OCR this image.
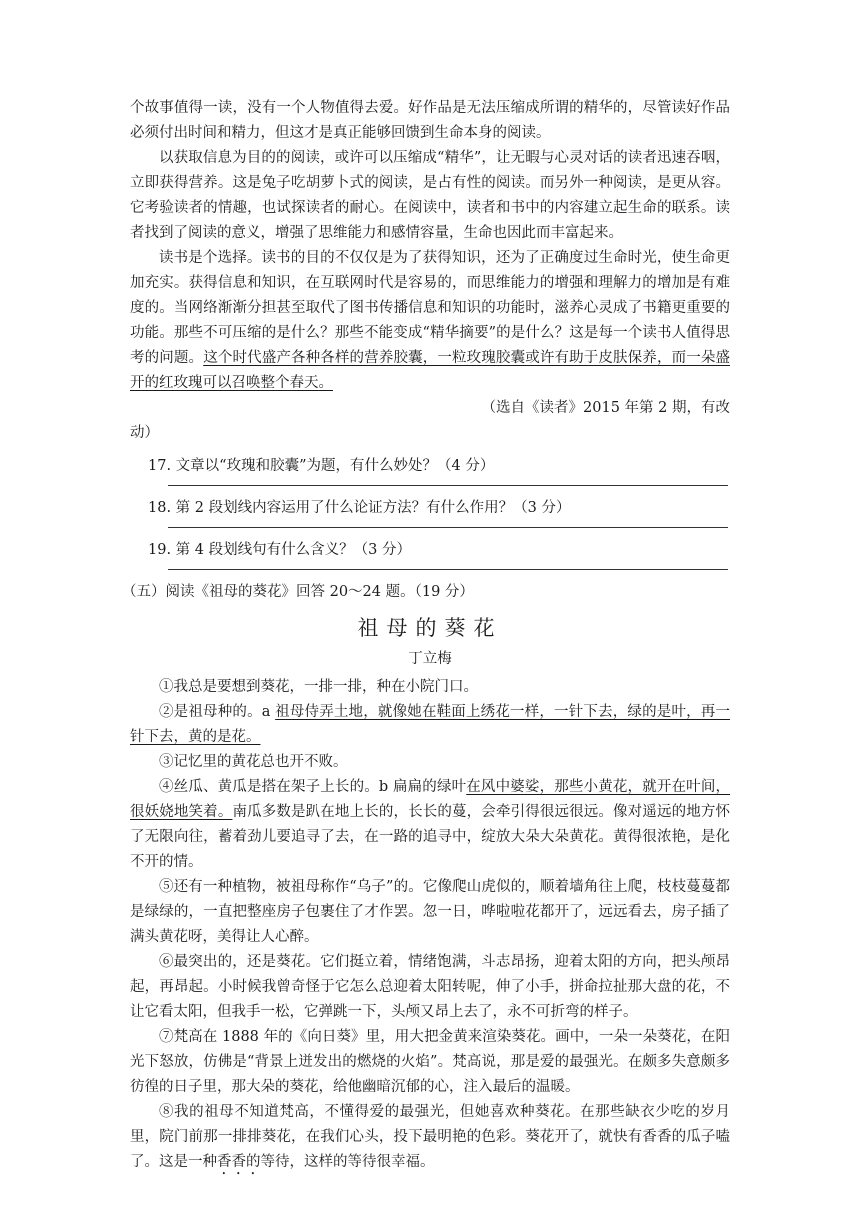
个故事值得一读，没有一个人物值得去爱。好作品是无法压缩成所谓的精华的，尽管读好作品必须付出时间和精力，但这才是真正能够回馈到生命本身的阅读。

以获取信息为目的的阅读，或许可以压缩成“精华”，让无暇与心灵对话的读者迅速吞咽，立即获得营养。这是兔子吃胡萝卜式的阅读，是占有性的阅读。而另外一种阅读，是更从容。它考验读者的情趣，也试探读者的耐心。在阅读中，读者和书中的内容建立起生命的联系。读者找到了阅读的意义，增强了思维能力和感情容量，生命也因此而丰富起来。

读书是个选择。读书的目的不仅仅是为了获得知识，还为了正确度过生命时光，使生命更加充实。获得信息和知识，在互联网时代是容易的，而思维能力的增强和理解力的增加是有难度的。当网络渐渐分担甚至取代了图书传播信息和知识的功能时，滋养心灵成了书籍更重要的功能。那些不可压缩的是什么？那些不能变成“精华摘要”的是什么？这是每一个读书人值得思考的问题。这个时代盛产各种各样的营养胶囊，一粒玫瑰胶囊或许有助于皮肤保养，而一朵盛开的红玫瑰可以召唤整个春天。

（选自《读者》2015 年第 2 期，有改

动）

17. 文章以“玫瑰和胶囊”为题，有什么妙处？（4 分）

18. 第 2 段划线内容运用了什么论证方法？有什么作用？（3 分）

19. 第 4 段划线句有什么含义？（3 分）

（五）阅读《祖母的葵花》回答 20～24 题。（19 分）

祖母的葵花
丁立梅

①我总是要想到葵花，一排一排，种在小院门口。

②是祖母种的。a 祖母侍弄土地，就像她在鞋面上绣花一样，一针下去，绿的是叶，再一针下去，黄的是花。

③记忆里的黄花总也开不败。

④丝瓜、黄瓜是搭在架子上长的。b 扁扁的绿叶在风中婆娑，那些小黄花，就开在叶间，很妖娆地笑着。南瓜多数是趴在地上长的，长长的蔓，会牵引得很远很远。像对遥远的地方怀了无限向往，蓄着劲儿要追寻了去，在一路的追寻中，绽放大朵大朵黄花。黄得很浓艳，是化不开的情。

⑤还有一种植物，被祖母称作“乌子”的。它像爬山虎似的，顺着墙角往上爬，枝枝蔓蔓都是绿绿的，一直把整座房子包裹住了才作罢。忽一日，哗啦啦花都开了，远远看去，房子插了满头黄花呀，美得让人心醉。

⑥最突出的，还是葵花。它们挺立着，情绪饱满，斗志昂扬，迎着太阳的方向，把头颅昂起，再昂起。小时候我曾奇怪于它怎么总迎着太阳转呢，伸了小手，拼命拉扯那大盘的花，不让它看太阳，但我手一松，它弹跳一下，头颅又昂上去了，永不可折弯的样子。

⑦梵高在 1888 年的《向日葵》里，用大把金黄来渲染葵花。画中，一朵一朵葵花，在阳光下怒放，仿佛是“背景上迸发出的燃烧的火焰”。梵高说，那是爱的最强光。在颇多失意颇多彷徨的日子里，那大朵的葵花，给他幽暗沉郁的心，注入最后的温暖。

⑧我的祖母不知道梵高，不懂得爱的最强光，但她喜欢种葵花。在那些缺衣少吃的岁月里，院门前那一排排葵花，在我们心头，投下最明艳的色彩。葵花开了，就快有香香的瓜子嗑了。这是一种香香的等待，这样的等待很幸福。
